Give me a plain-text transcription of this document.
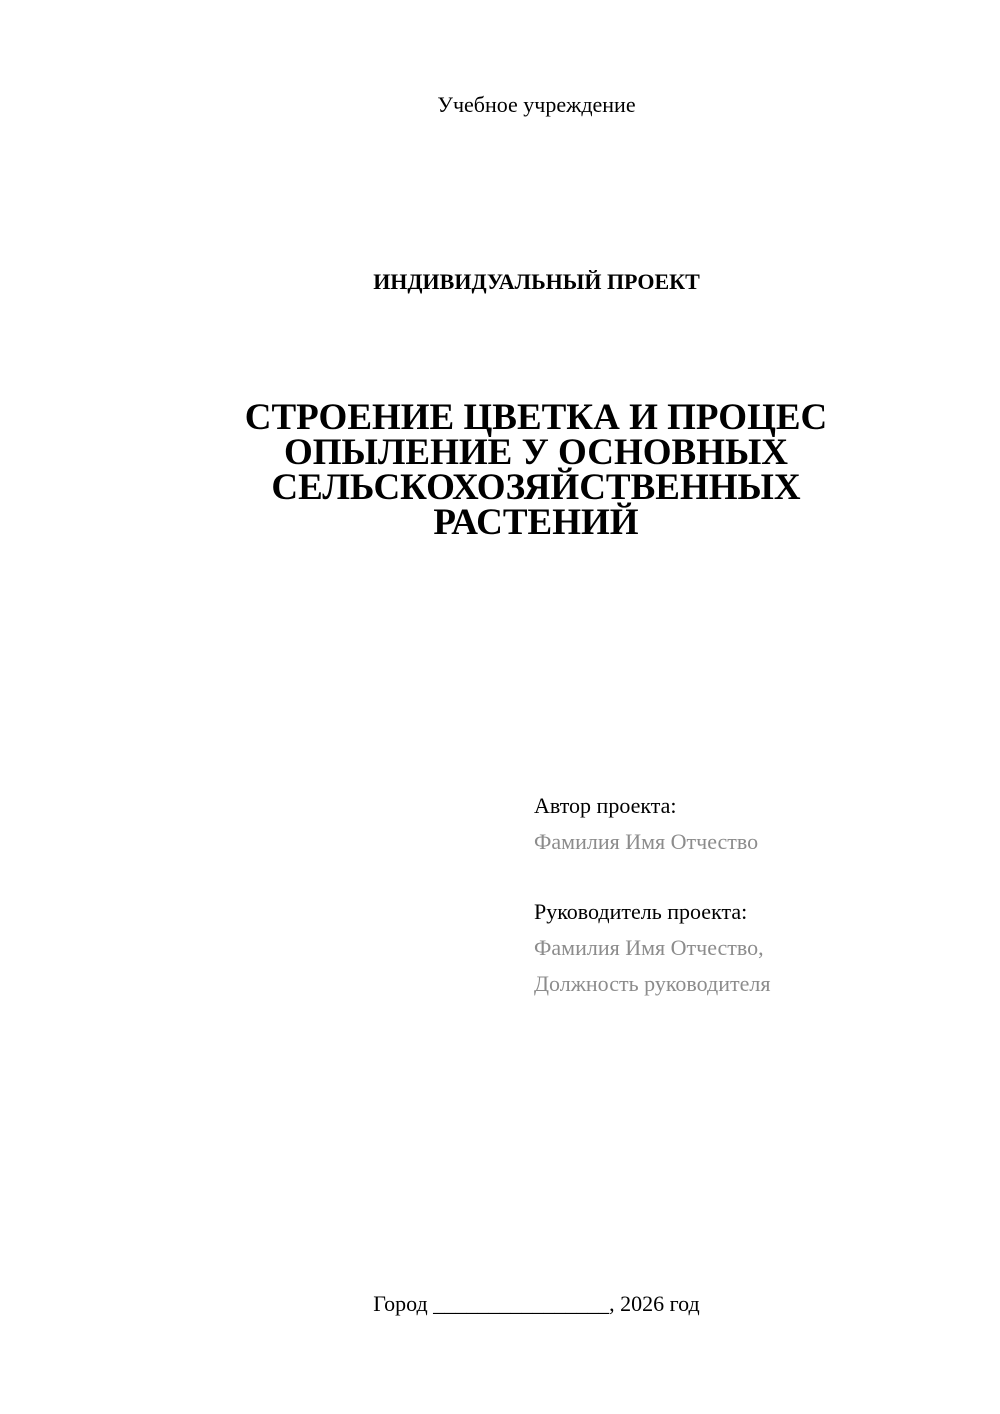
Учебное учреждение
ИНДИВИДУАЛЬНЫЙ ПРОЕКТ
СТРОЕНИЕ ЦВЕТКА И ПРОЦЕС
ОПЫЛЕНИЕ У ОСНОВНЫХ
СЕЛЬСКОХОЗЯЙСТВЕННЫХ
РАСТЕНИЙ
Автор проекта:
Фамилия Имя Отчество
Руководитель проекта:
Фамилия Имя Отчество,
Должность руководителя
Город ________________, 2026 год
